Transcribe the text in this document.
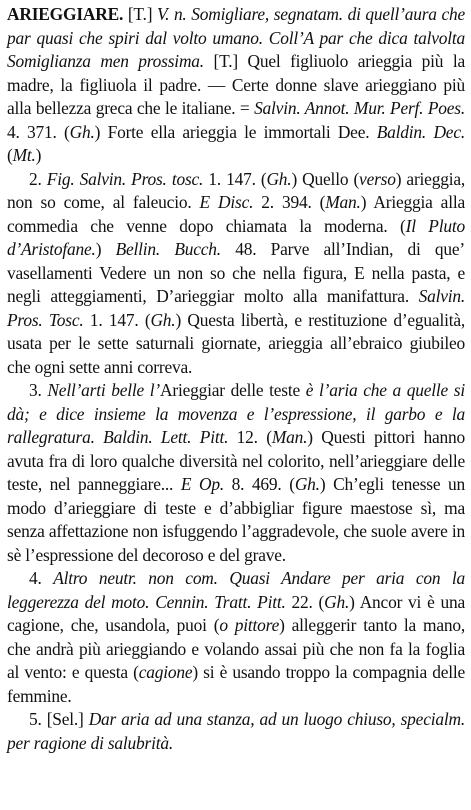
ARIEGGIARE. [T.] V. n. Somigliare, segnatam. di quell’aura che par quasi che spiri dal volto umano. Coll’A par che dica talvolta Somiglianza men prossima. [T.] Quel figliuolo arieggia più la madre, la figliuola il padre. — Certe donne slave arieggiano più alla bellezza greca che le italiane. = Salvin. Annot. Mur. Perf. Poes. 4. 371. (Gh.) Forte ella arieggia le immortali Dee. Baldin. Dec. (Mt.)

2. Fig. Salvin. Pros. tosc. 1. 147. (Gh.) Quello (verso) arieggia, non so come, al faleucio. E Disc. 2. 394. (Man.) Arieggia alla commedia che venne dopo chiamata la moderna. (Il Pluto d’Aristofane.) Bellin. Bucch. 48. Parve all’Indian, di que’ vasellamenti Vedere un non so che nella figura, E nella pasta, e negli atteggiamenti, D’arieggiar molto alla manifattura. Salvin. Pros. Tosc. 1. 147. (Gh.) Questa libertà, e restituzione d’egualità, usata per le sette saturnali giornate, arieggia all’ebraico giubileo che ogni sette anni correva.

3. Nell’arti belle l’Arieggiar delle teste è l’aria che a quelle si dà; e dice insieme la movenza e l’espressione, il garbo e la rallegratura. Baldin. Lett. Pitt. 12. (Man.) Questi pittori hanno avuta fra di loro qualche diversità nel colorito, nell’arieggiare delle teste, nel panneggiare... E Op. 8. 469. (Gh.) Ch’egli tenesse un modo d’arieggiare di teste e d’abbigliar figure maestose sì, ma senza affettazione non isfuggendo l’aggradevole, che suole avere in sè l’espressione del decoroso e del grave.

4. Altro neutr. non com. Quasi Andare per aria con la leggerezza del moto. Cennin. Tratt. Pitt. 22. (Gh.) Ancor vi è una cagione, che, usandola, puoi (o pittore) alleggerir tanto la mano, che andrà più arieggiando e volando assai più che non fa la foglia al vento: e questa (cagione) si è usando troppo la compagnia delle femmine.

5. [Sel.] Dar aria ad una stanza, ad un luogo chiuso, specialm. per ragione di salubrità.
